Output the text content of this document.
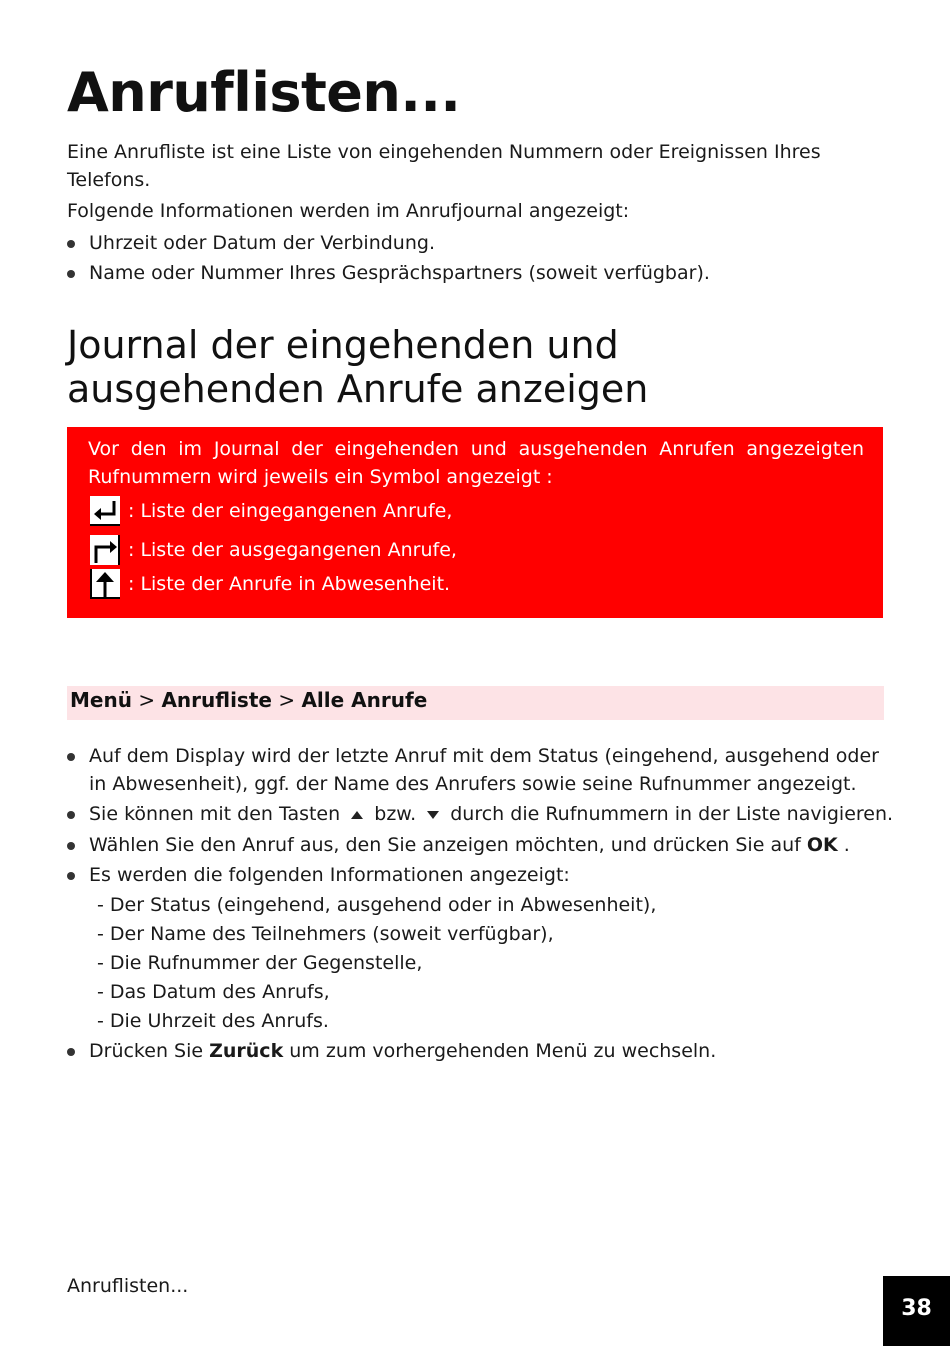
Anruflisten...

Eine Anrufliste ist eine Liste von eingehenden Nummern oder Ereignissen Ihres Telefons.

Folgende Informationen werden im Anrufjournal angezeigt:

Uhrzeit oder Datum der Verbindung.
Name oder Nummer Ihres Gesprächspartners (soweit verfügbar).
Journal der eingehenden und ausgehenden Anrufe anzeigen
Vor den im Journal der eingehenden und ausgehenden Anrufen angezeigten Rufnummern wird jeweils ein Symbol angezeigt :
: Liste der eingegangenen Anrufe,
: Liste der ausgegangenen Anrufe,
: Liste der Anrufe in Abwesenheit.
Menü > Anrufliste > Alle Anrufe
Auf dem Display wird der letzte Anruf mit dem Status (eingehend, ausgehend oder in Abwesenheit), ggf. der Name des Anrufers sowie seine Rufnummer angezeigt.
Sie können mit den Tasten bzw. durch die Rufnummern in der Liste navigieren.
Wählen Sie den Anruf aus, den Sie anzeigen möchten, und drücken Sie auf OK .
Es werden die folgenden Informationen angezeigt:
- Der Status (eingehend, ausgehend oder in Abwesenheit),
- Der Name des Teilnehmers (soweit verfügbar),
- Die Rufnummer der Gegenstelle,
- Das Datum des Anrufs,
- Die Uhrzeit des Anrufs.
Drücken Sie Zurück um zum vorhergehenden Menü zu wechseln.
Anruflisten...
38
